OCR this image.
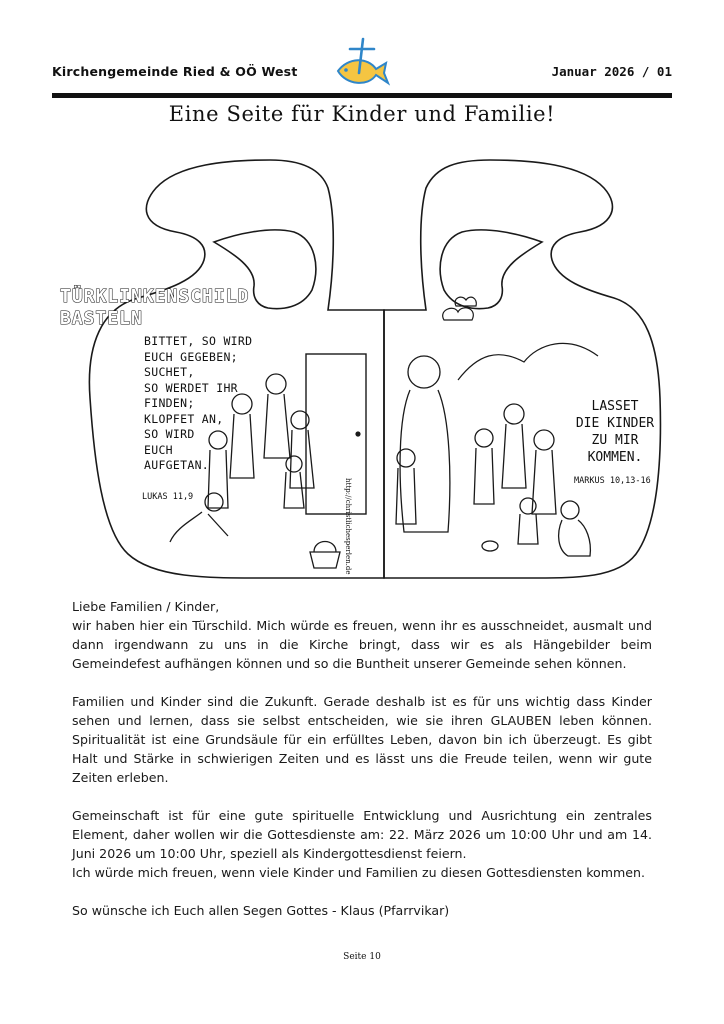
Kirchengemeinde Ried & OÖ West	Januar 2026 / 01
Eine Seite für Kinder und Familie!
TÜRKLINKENSCHILD
BASTELN
BITTET, SO WIRD
EUCH GEGEBEN; SUCHET,
SO WERDET IHR
FINDEN;
KLOPFET AN,
SO WIRD
EUCH
AUFGETAN.
LUKAS 11,9	http://christlichesperlen.de
LASSET
DIE KINDER
ZU MIR
KOMMEN.
MARKUS 10,13-16

Liebe Familien / Kinder,

wir haben hier ein Türschild. Mich würde es freuen, wenn ihr es ausschneidet, ausmalt und dann irgendwann zu uns in die Kirche bringt, dass wir es als Hängebilder beim Gemeindefest aufhängen können und so die Buntheit unserer Gemeinde sehen können.

Familien und Kinder sind die Zukunft. Gerade deshalb ist es für uns wichtig dass Kinder sehen und lernen, dass sie selbst entscheiden, wie sie ihren GLAUBEN leben können. Spiritualität ist eine Grundsäule für ein erfülltes Leben, davon bin ich überzeugt. Es gibt Halt und Stärke in schwierigen Zeiten und es lässt uns die Freude teilen, wenn wir gute Zeiten erleben.

Gemeinschaft ist für eine gute spirituelle Entwicklung und Ausrichtung ein zentrales Element, daher wollen wir die Gottesdienste am: 22. März 2026 um 10:00 Uhr und am 14. Juni 2026 um 10:00 Uhr, speziell als Kindergottesdienst feiern.

Ich würde mich freuen, wenn viele Kinder und Familien zu diesen Gottesdiensten kommen.

So wünsche ich Euch allen Segen Gottes - Klaus (Pfarrvikar)

Seite 10
